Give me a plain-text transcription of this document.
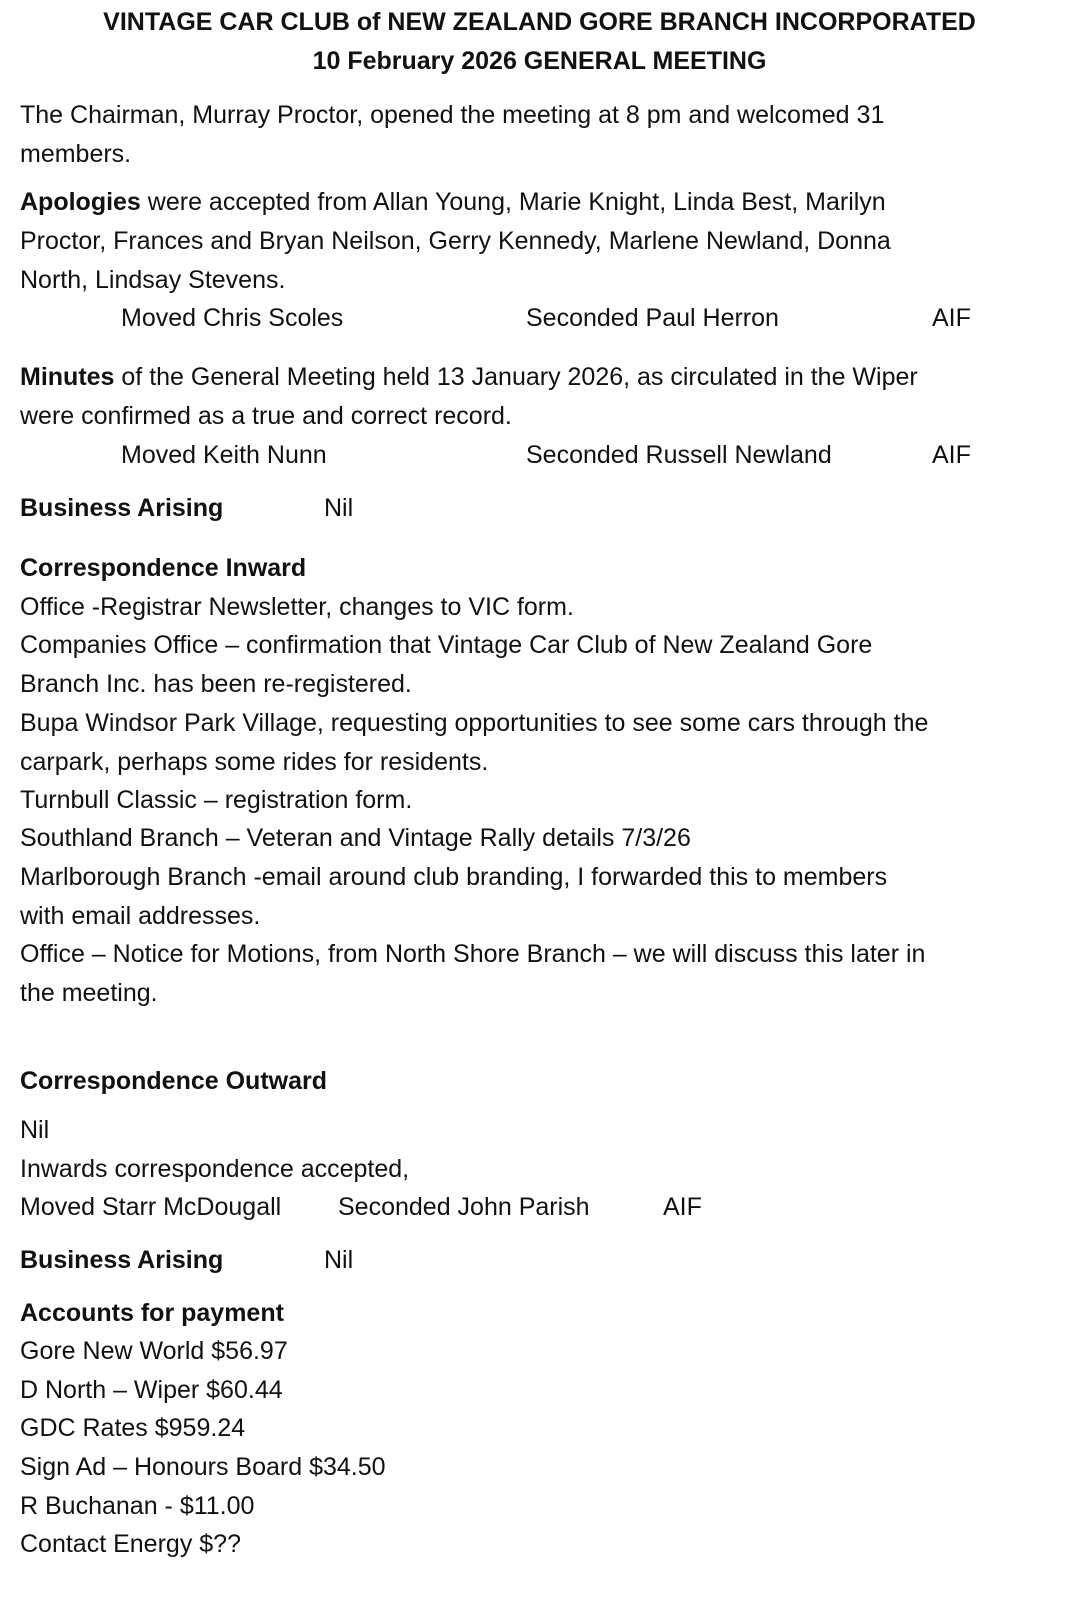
VINTAGE CAR CLUB of NEW ZEALAND GORE BRANCH INCORPORATED
10 February 2026 GENERAL MEETING
The Chairman, Murray Proctor, opened the meeting at 8 pm and welcomed 31
members.
Apologies were accepted from Allan Young, Marie Knight, Linda Best, Marilyn
Proctor, Frances and Bryan Neilson, Gerry Kennedy, Marlene Newland, Donna
North, Lindsay Stevens.
Moved Chris Scoles	Seconded Paul Herron	AIF
Minutes of the General Meeting held 13 January 2026, as circulated in the Wiper
were confirmed as a true and correct record.
Moved Keith Nunn	Seconded Russell Newland	AIF
Business Arising	Nil
Correspondence Inward
Office -Registrar Newsletter, changes to VIC form.
Companies Office – confirmation that Vintage Car Club of New Zealand Gore
Branch Inc. has been re-registered.
Bupa Windsor Park Village, requesting opportunities to see some cars through the
carpark, perhaps some rides for residents.
Turnbull Classic – registration form.
Southland Branch – Veteran and Vintage Rally details 7/3/26
Marlborough Branch -email around club branding, I forwarded this to members
with email addresses.
Office – Notice for Motions, from North Shore Branch – we will discuss this later in
the meeting.
Correspondence Outward
Nil
Inwards correspondence accepted,
Moved Starr McDougall Seconded John Parish	AIF
Business Arising	Nil
Accounts for payment
Gore New World $56.97
D North – Wiper $60.44
GDC Rates $959.24
Sign Ad – Honours Board $34.50
R Buchanan - $11.00
Contact Energy $??
